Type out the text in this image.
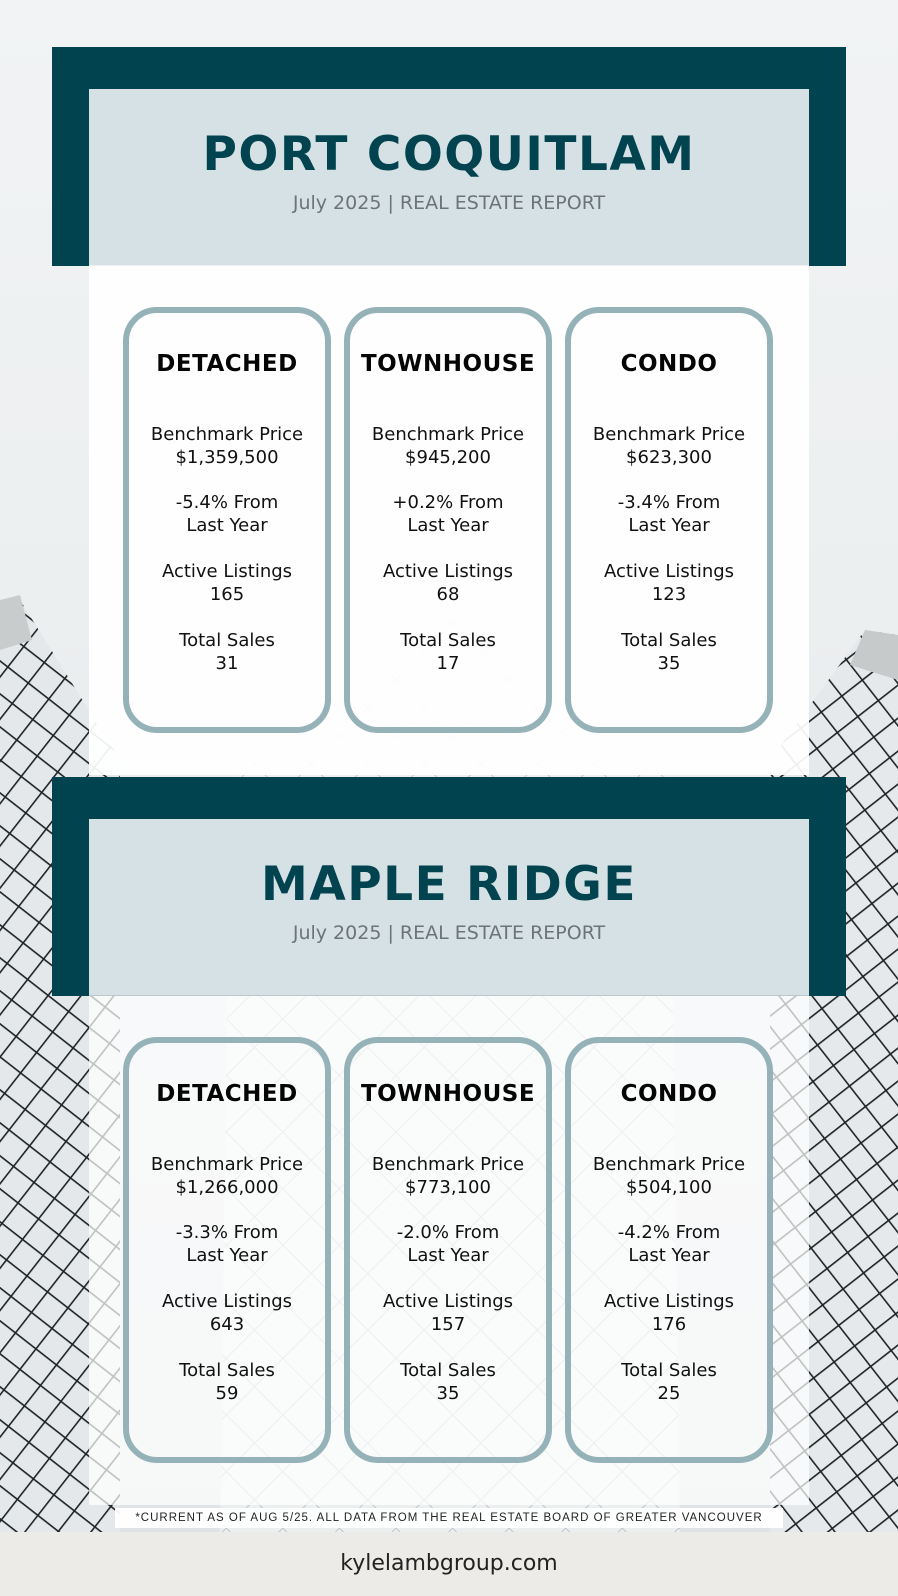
PORT COQUITLAM
July 2025 | REAL ESTATE REPORT
DETACHED
Benchmark Price
$1,359,500
-5.4% From
Last Year
Active Listings
165
Total Sales
31
TOWNHOUSE
Benchmark Price
$945,200
+0.2% From
Last Year
Active Listings
68
Total Sales
17
CONDO
Benchmark Price
$623,300
-3.4% From
Last Year
Active Listings
123
Total Sales
35
MAPLE RIDGE
July 2025 | REAL ESTATE REPORT
DETACHED
Benchmark Price
$1,266,000
-3.3% From
Last Year
Active Listings
643
Total Sales
59
TOWNHOUSE
Benchmark Price
$773,100
-2.0% From
Last Year
Active Listings
157
Total Sales
35
CONDO
Benchmark Price
$504,100
-4.2% From
Last Year
Active Listings
176
Total Sales
25
*CURRENT AS OF AUG 5/25. ALL DATA FROM THE REAL ESTATE BOARD OF GREATER VANCOUVER
kylelambgroup.com
